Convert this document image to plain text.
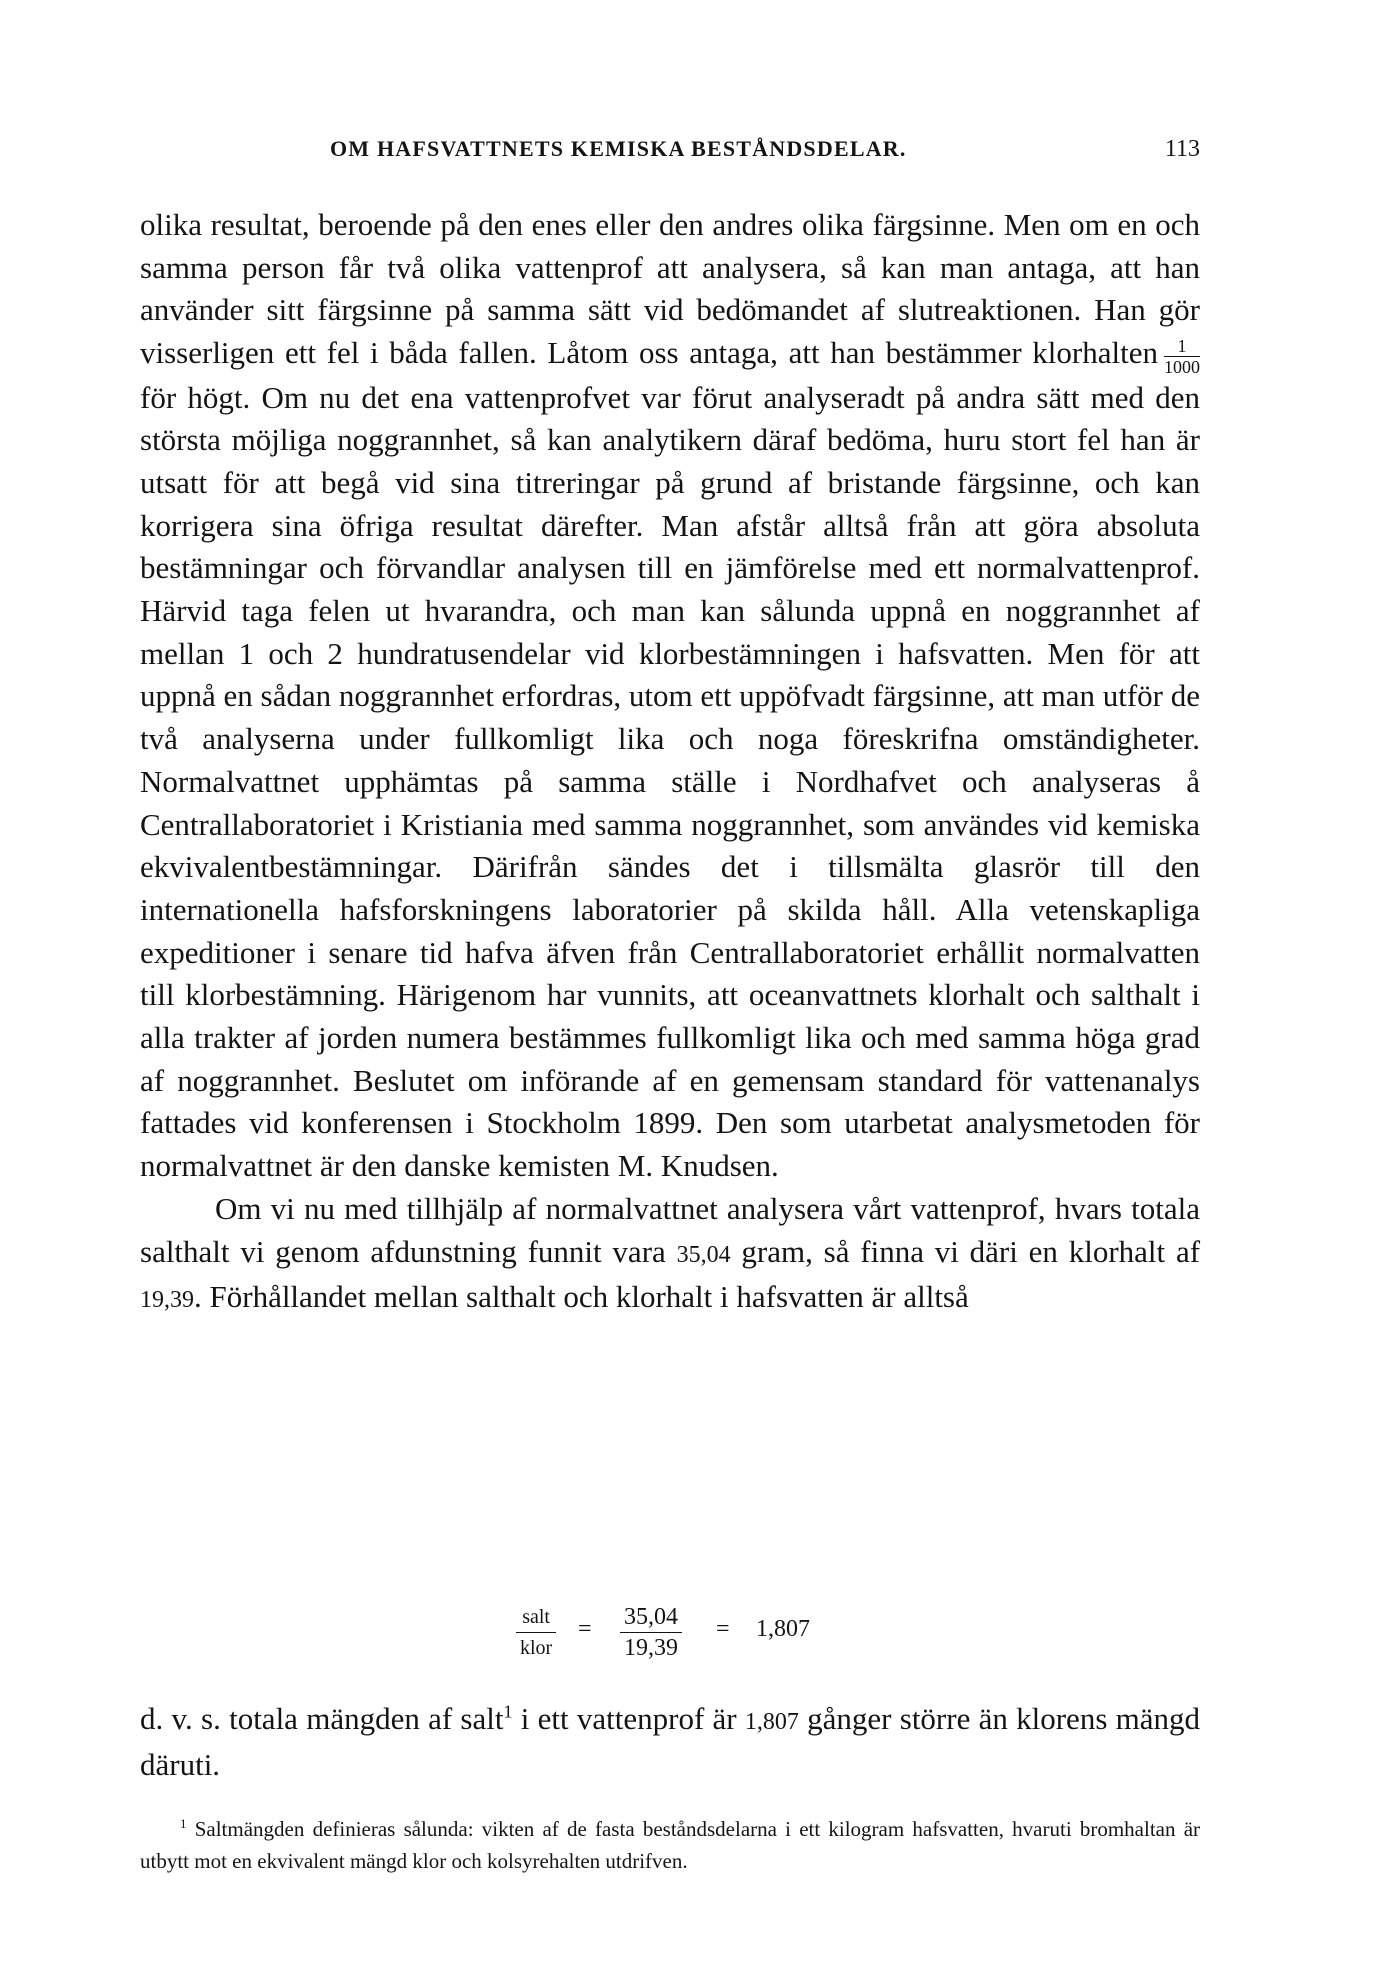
OM HAFSVATTNETS KEMISKA BESTÅNDSDELAR.	113

olika resultat, beroende på den enes eller den andres olika färgsinne. Men om en och samma person får två olika vattenprof att analysera, så kan man antaga, att han använder sitt färgsinne på samma sätt vid bedömandet af slutreaktionen. Han gör visserligen ett fel i båda fallen. Låtom oss antaga, att han bestämmer klorhalten $\frac{1}{1000}$
för högt. Om nu det ena vattenprofvet var förut analyseradt på andra sätt med den största möjliga noggrannhet, så kan analytikern däraf bedöma, huru stort fel han är utsatt för att begå vid sina titreringar på grund af bristande färgsinne, och kan korrigera sina öfriga resultat därefter. Man afstår alltså från att göra absoluta bestämningar och förvandlar analysen till en jämförelse med ett normalvattenprof. Härvid taga felen ut hvarandra, och man kan sålunda uppnå en noggrannhet af mellan 1 och 2 hundratusendelar vid klorbestämningen i hafsvatten. Men för att uppnå en sådan noggrannhet erfordras, utom ett uppöfvadt färgsinne, att man utför de två analyserna under fullkomligt lika och noga föreskrifna omständigheter. Normalvattnet upphämtas på samma ställe i Nordhafvet och analyseras å Centrallaboratoriet i Kristiania med samma noggrannhet, som användes vid kemiska ekvivalentbestämningar. Därifrån sändes det i tillsmälta glasrör till den internationella hafsforskningens laboratorier på skilda håll. Alla vetenskapliga expeditioner i senare tid hafva äfven från Centrallaboratoriet erhållit normalvatten till klorbestämning. Härigenom har vunnits, att oceanvattnets klorhalt och salthalt i alla trakter af jorden numera bestämmes fullkomligt lika och med samma höga grad af noggrannhet. Beslutet om införande af en gemensam standard för vattenanalys fattades vid konferensen i Stockholm 1899. Den som utarbetat analysmetoden för normalvattnet är den danske kemisten M. Knudsen.

Om vi nu med tillhjälp af normalvattnet analysera vårt vattenprof, hvars totala salthalt vi genom afdunstning funnit vara 35,04 gram, så finna vi däri en klorhalt af 19,39. Förhållandet mellan salthalt och klorhalt i hafsvatten är alltså

salt
klor
= $\frac{35,04}{19,39} = 1,807$

d. v. s. totala mängden af salt$^1$ i ett vattenprof är 1,807 gånger större än klorens mängd däruti.

$^1$ Saltmängden definieras sålunda: vikten af de fasta beståndsdelarna i ett kilogram hafsvatten, hvaruti bromhaltan är utbytt mot en ekvivalent mängd klor och kolsyrehalten utdrifven.
